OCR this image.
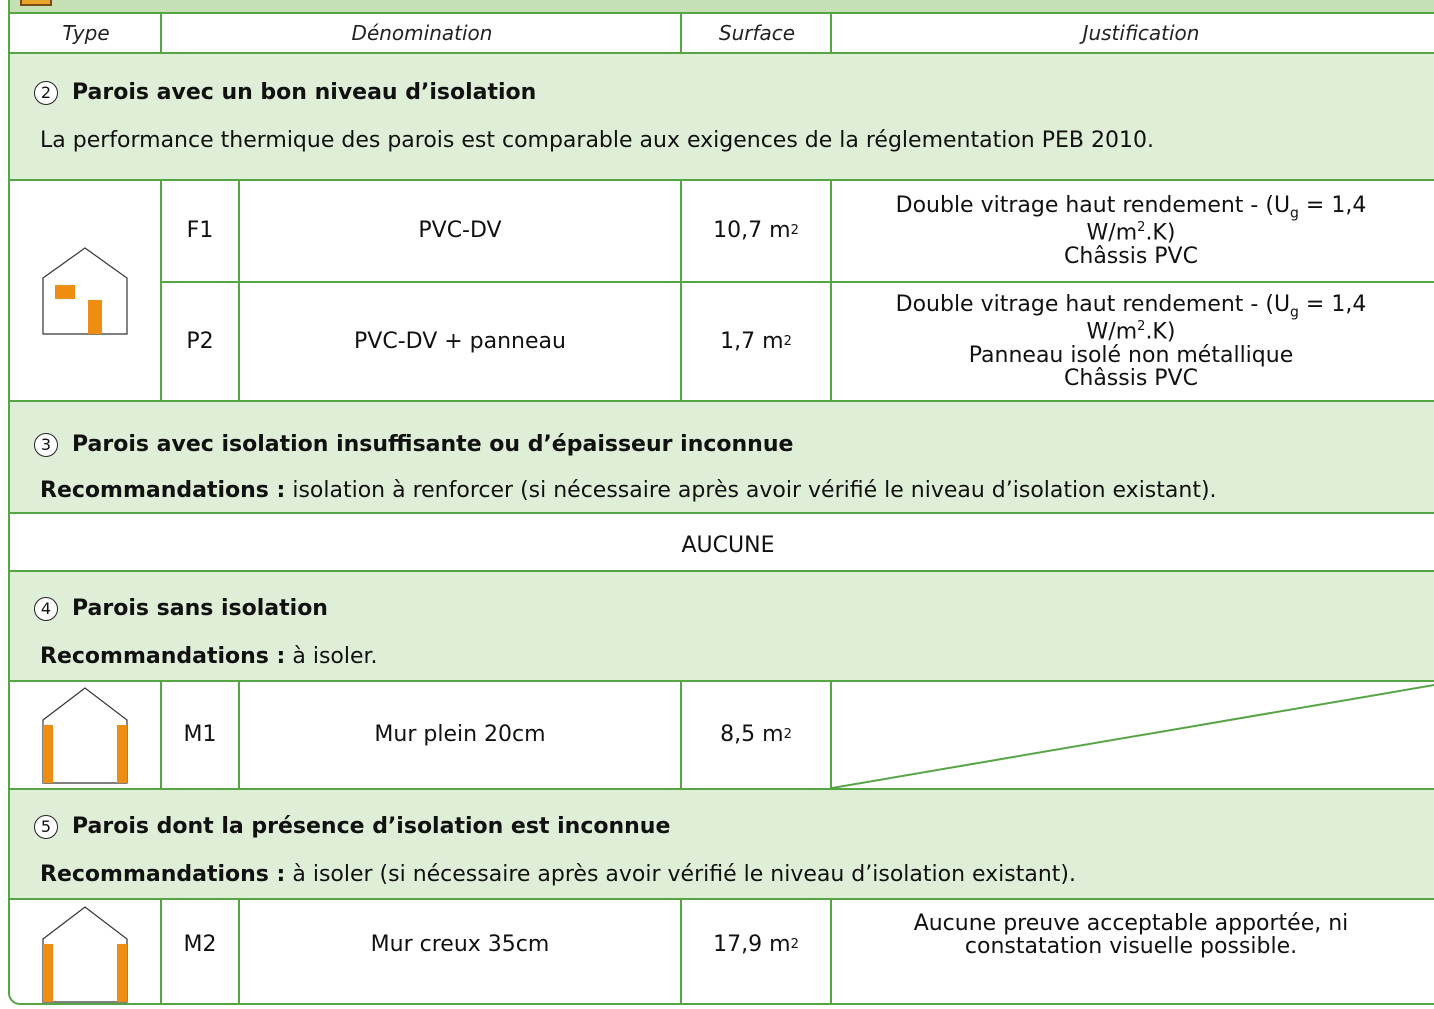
Type	Dénomination	Surface	Justification
2 Parois avec un bon niveau d’isolation
La performance thermique des parois est comparable aux exigences de la réglementation PEB 2010.
F1	PVC-DV	10,7 m 2
Double vitrage haut rendement - ($U_g = 1,4$
$W/m^2.K$)
Châssis PVC
P2	PVC-DV + panneau	1,7 m 2
Double vitrage haut rendement - ($U_g = 1,4$
$W/m^2.K$)
Panneau isolé non métallique
Châssis PVC
3 Parois avec isolation insuffisante ou d’épaisseur inconnue
Recommandations : isolation à renforcer (si nécessaire après avoir vérifié le niveau d’isolation existant).
AUCUNE
4 Parois sans isolation
Recommandations : à isoler.
M1	Mur plein 20cm	8,5 m 2
5 Parois dont la présence d’isolation est inconnue
Recommandations : à isoler (si nécessaire après avoir vérifié le niveau d’isolation existant).
M2	Mur creux 35cm	17,9 m 2
Aucune preuve acceptable apportée, ni
constatation visuelle possible.
